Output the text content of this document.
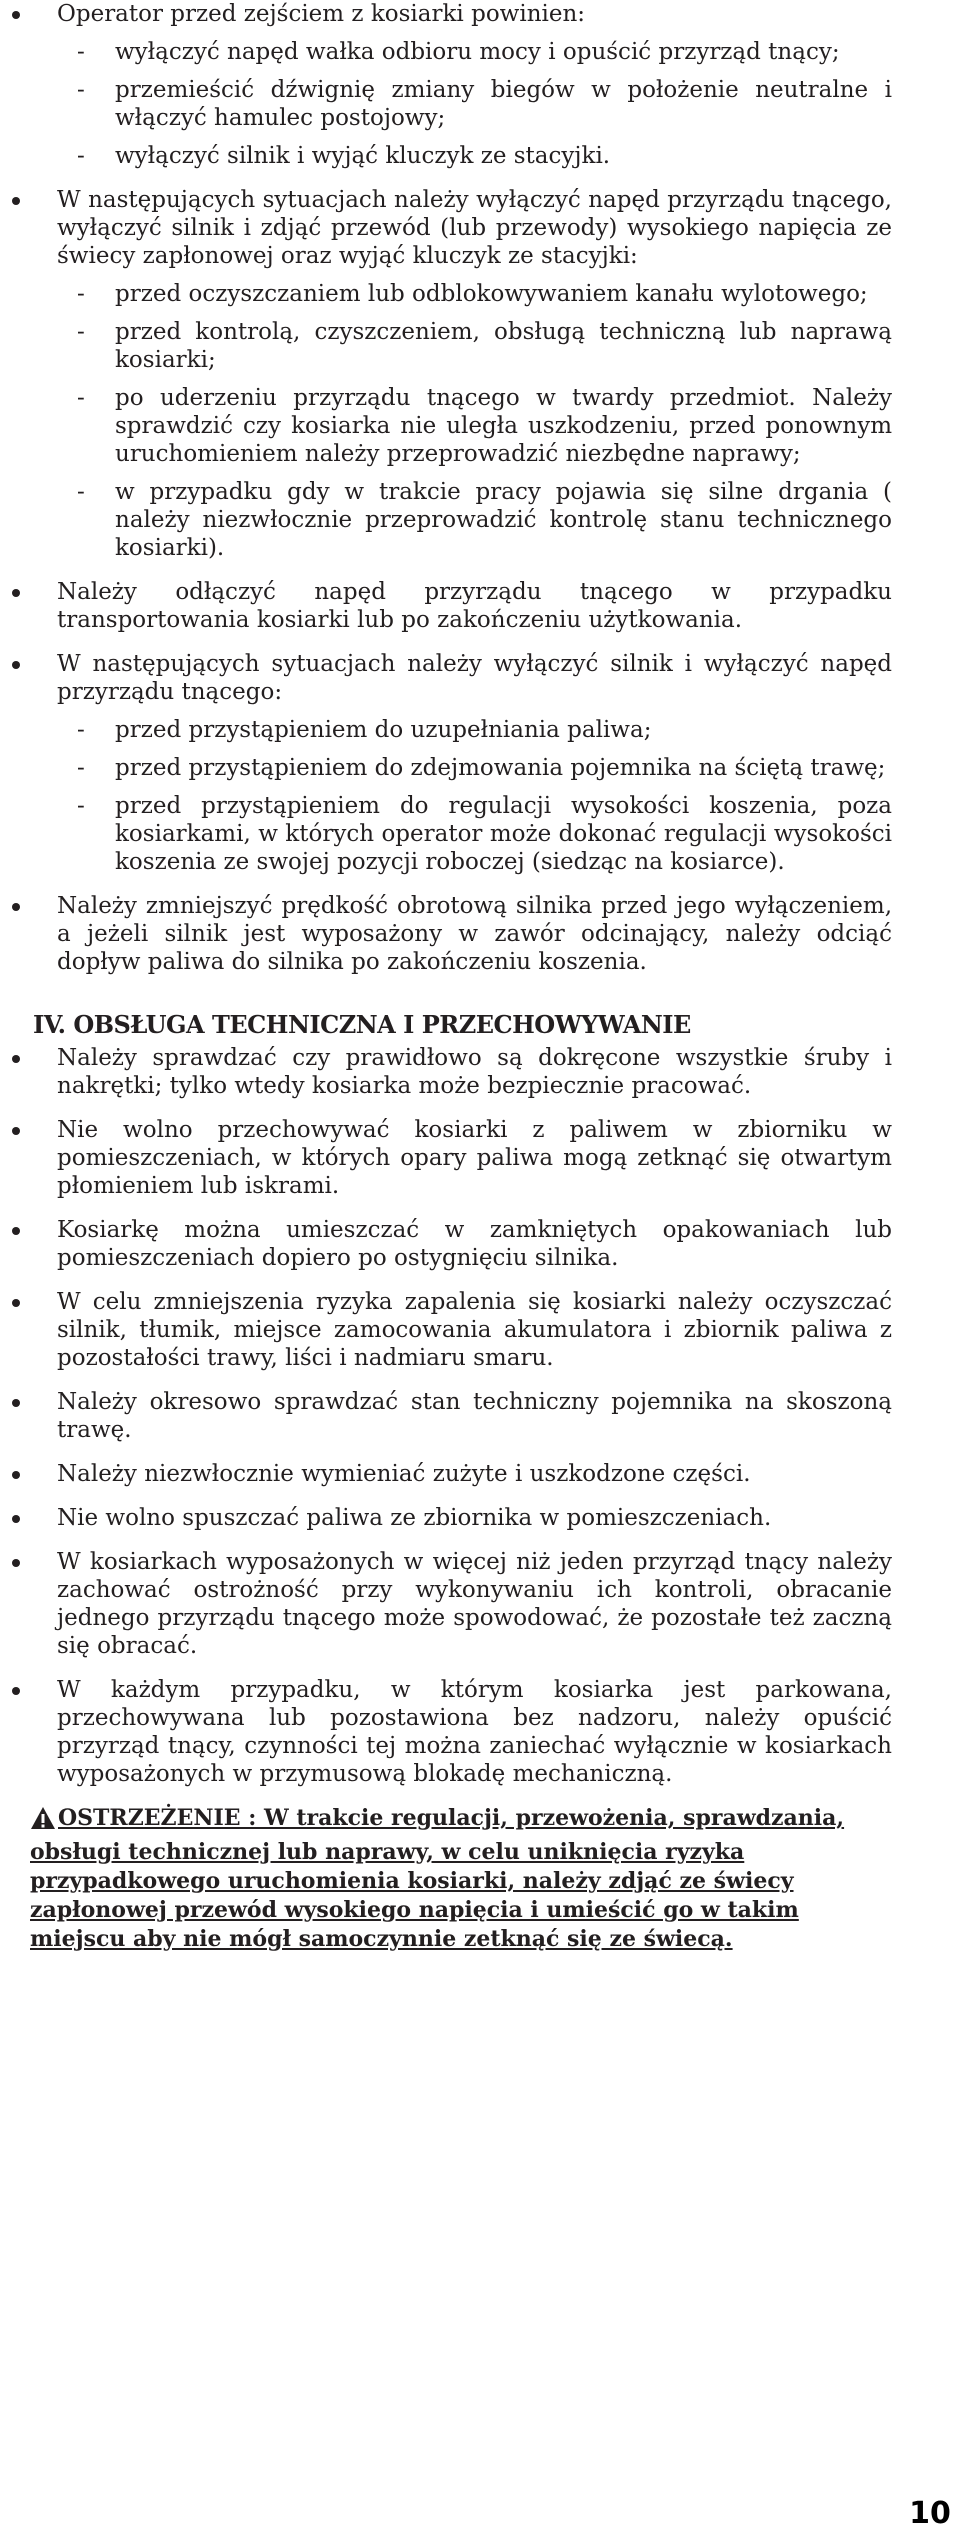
Operator przed zejściem z kosiarki powinien:
- wyłączyć napęd wałka odbioru mocy i opuścić przyrząd tnący;
- przemieścić dźwignię zmiany biegów w położenie neutralne i włączyć hamulec postojowy;
- wyłączyć silnik i wyjąć kluczyk ze stacyjki.
W następujących sytuacjach należy wyłączyć napęd przyrządu tnącego, wyłączyć silnik i zdjąć przewód (lub przewody) wysokiego napięcia ze świecy zapłonowej oraz wyjąć kluczyk ze stacyjki:
- przed oczyszczaniem lub odblokowywaniem kanału wylotowego;
- przed kontrolą, czyszczeniem, obsługą techniczną lub naprawą kosiarki;
- po uderzeniu przyrządu tnącego w twardy przedmiot. Należy sprawdzić czy kosiarka nie uległa uszkodzeniu, przed ponownym uruchomieniem należy przeprowadzić niezbędne naprawy;
- w przypadku gdy w trakcie pracy pojawia się silne drgania ( należy niezwłocznie przeprowadzić kontrolę stanu technicznego kosiarki).
Należy odłączyć napęd przyrządu tnącego w przypadku transportowania kosiarki lub po zakończeniu użytkowania.
W następujących sytuacjach należy wyłączyć silnik i wyłączyć napęd przyrządu tnącego:
- przed przystąpieniem do uzupełniania paliwa;
- przed przystąpieniem do zdejmowania pojemnika na ściętą trawę;
- przed przystąpieniem do regulacji wysokości koszenia, poza kosiarkami, w których operator może dokonać regulacji wysokości koszenia ze swojej pozycji roboczej (siedząc na kosiarce).
Należy zmniejszyć prędkość obrotową silnika przed jego wyłączeniem, a jeżeli silnik jest wyposażony w zawór odcinający, należy odciąć dopływ paliwa do silnika po zakończeniu koszenia.
IV. OBSŁUGA TECHNICZNA I PRZECHOWYWANIE
Należy sprawdzać czy prawidłowo są dokręcone wszystkie śruby i nakrętki; tylko wtedy kosiarka może bezpiecznie pracować.
Nie wolno przechowywać kosiarki z paliwem w zbiorniku w pomieszczeniach, w których opary paliwa mogą zetknąć się otwartym płomieniem lub iskrami.
Kosiarkę można umieszczać w zamkniętych opakowaniach lub pomieszczeniach dopiero po ostygnięciu silnika.
W celu zmniejszenia ryzyka zapalenia się kosiarki należy oczyszczać silnik, tłumik, miejsce zamocowania akumulatora i zbiornik paliwa z pozostałości trawy, liści i nadmiaru smaru.
Należy okresowo sprawdzać stan techniczny pojemnika na skoszoną trawę.
Należy niezwłocznie wymieniać zużyte i uszkodzone części.
Nie wolno spuszczać paliwa ze zbiornika w pomieszczeniach.
W kosiarkach wyposażonych w więcej niż jeden przyrząd tnący należy zachować ostrożność przy wykonywaniu ich kontroli, obracanie jednego przyrządu tnącego może spowodować, że pozostałe też zaczną się obracać.
W każdym przypadku, w którym kosiarka jest parkowana, przechowywana lub pozostawiona bez nadzoru, należy opuścić przyrząd tnący, czynności tej można zaniechać wyłącznie w kosiarkach wyposażonych w przymusową blokadę mechaniczną.
OSTRZEŻENIE : W trakcie regulacji, przewożenia, sprawdzania, obsługi technicznej lub naprawy, w celu uniknięcia ryzyka przypadkowego uruchomienia kosiarki, należy zdjąć ze świecy zapłonowej przewód wysokiego napięcia i umieścić go w takim miejscu aby nie mógł samoczynnie zetknąć się ze świecą.
10
